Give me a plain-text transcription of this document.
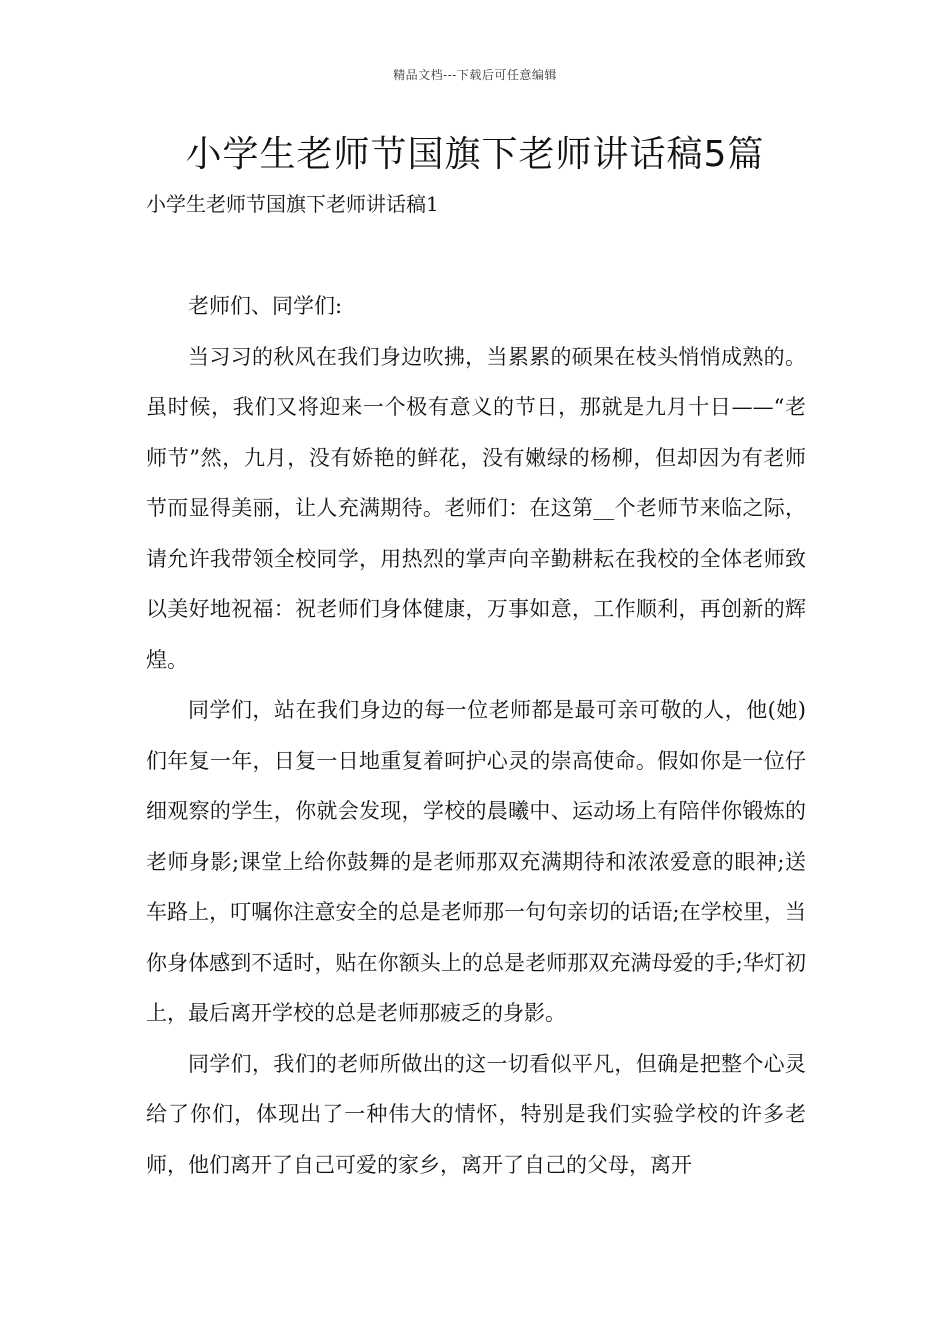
精品文档---下载后可任意编辑
小学生老师节国旗下老师讲话稿5篇
小学生老师节国旗下老师讲话稿1

老师们、同学们:

当习习的秋风在我们身边吹拂，当累累的硕果在枝头悄悄成熟的。虽时候，我们又将迎来一个极有意义的节日，那就是九月十日——“老师节”然，九月，没有娇艳的鲜花，没有嫩绿的杨柳，但却因为有老师节而显得美丽，让人充满期待。老师们：在这第__个老师节来临之际，请允许我带领全校同学，用热烈的掌声向辛勤耕耘在我校的全体老师致以美好地祝福：祝老师们身体健康，万事如意，工作顺利，再创新的辉煌。

同学们，站在我们身边的每一位老师都是最可亲可敬的人，他(她)们年复一年，日复一日地重复着呵护心灵的崇高使命。假如你是一位仔细观察的学生，你就会发现，学校的晨曦中、运动场上有陪伴你锻炼的老师身影;课堂上给你鼓舞的是老师那双充满期待和浓浓爱意的眼神;送车路上，叮嘱你注意安全的总是老师那一句句亲切的话语;在学校里，当你身体感到不适时，贴在你额头上的总是老师那双充满母爱的手;华灯初上，最后离开学校的总是老师那疲乏的身影。

同学们，我们的老师所做出的这一切看似平凡，但确是把整个心灵给了你们，体现出了一种伟大的情怀，特别是我们实验学校的许多老师，他们离开了自己可爱的家乡，离开了自己的父母，离开
